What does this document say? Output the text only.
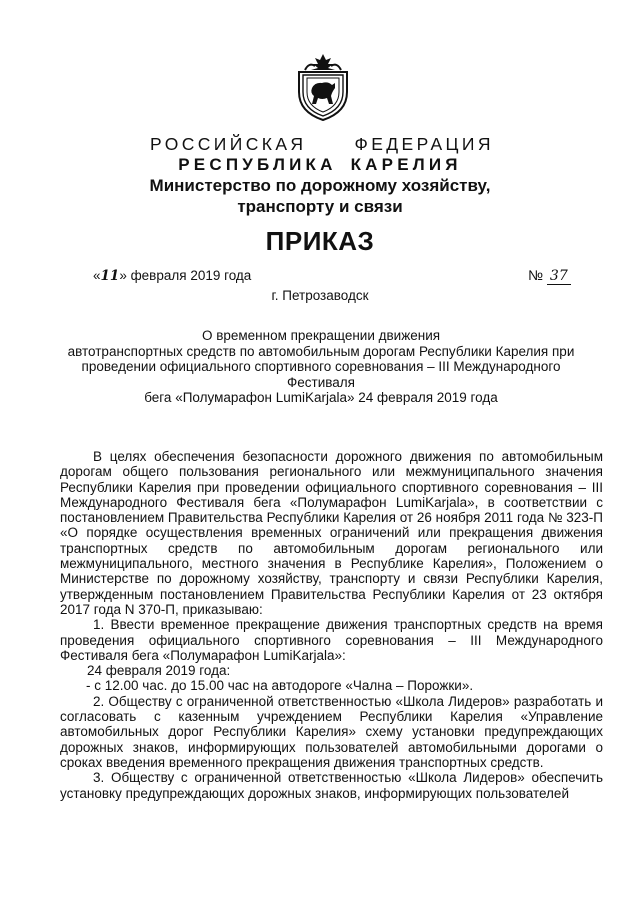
РОССИЙСКАЯ	ФЕДЕРАЦИЯ
РЕСПУБЛИКА КАРЕЛИЯ
Министерство по дорожному хозяйству,
транспорту и связи
ПРИКАЗ
«11» февраля 2019 года	№ 37
г. Петрозаводск
О временном прекращении движения
автотранспортных средств по автомобильным дорогам Республики Карелия при
проведении официального спортивного соревнования – III Международного Фестиваля
бега «Полумарафон LumiKarjala» 24 февраля 2019 года

В целях обеспечения безопасности дорожного движения по автомобильным дорогам общего пользования регионального или межмуниципального значения Республики Карелия при проведении официального спортивного соревнования – III Международного Фестиваля бега «Полумарафон LumiKarjala», в соответствии с постановлением Правительства Республики Карелия от 26 ноября 2011 года № 323-П «О порядке осуществления временных ограничений или прекращения движения транспортных средств по автомобильным дорогам регионального или межмуниципального, местного значения в Республике Карелия», Положением о Министерстве по дорожному хозяйству, транспорту и связи Республики Карелия, утвержденным постановлением Правительства Республики Карелия от 23 октября 2017 года N 370-П, приказываю:

1. Ввести временное прекращение движения транспортных средств на время проведения официального спортивного соревнования – III Международного Фестиваля бега «Полумарафон LumiKarjala»:

24 февраля 2019 года:

- с 12.00 час. до 15.00 час на автодороге «Чална – Порожки».

2. Обществу с ограниченной ответственностью «Школа Лидеров» разработать и согласовать с казенным учреждением Республики Карелия «Управление автомобильных дорог Республики Карелия» схему установки предупреждающих дорожных знаков, информирующих пользователей автомобильными дорогами о сроках введения временного прекращения движения транспортных средств.

3. Обществу с ограниченной ответственностью «Школа Лидеров» обеспечить установку предупреждающих дорожных знаков, информирующих пользователей
